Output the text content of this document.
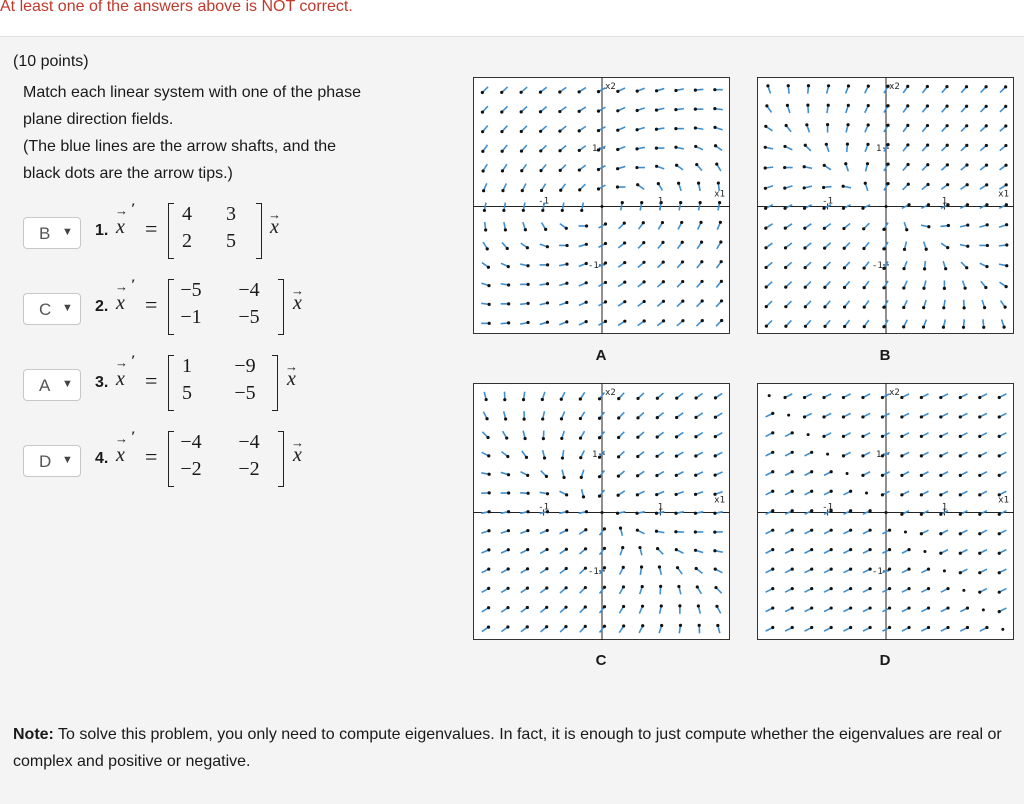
At least one of the answers above is NOT correct.
(10 points)
Match each linear system with one of the phase
plane direction fields.
(The blue lines are the arrow shafts, and the
black dots are the arrow tips.)
B ▼ 1.
→ ′
x =
4	3
2	5
→
x
C ▼ 2.
→ ′
x =
−5	−4
−1	−5
→
x
A ▼ 3.
→ ′
x =
1	−9
5	−5
→
x
D ▼ 4.
→ ′
x =
−4	−4
−2	−2
→
x
x2
x1
1
-1
1
-1
A
x2
x1
1
-1
1
-1
B
x2
x1
1
-1
1
-1
C
x2
x1
1
-1
1
-1
D
Note: To solve this problem, you only need to compute eigenvalues. In fact, it is enough to just compute whether the eigenvalues are real or complex and positive or negative.
